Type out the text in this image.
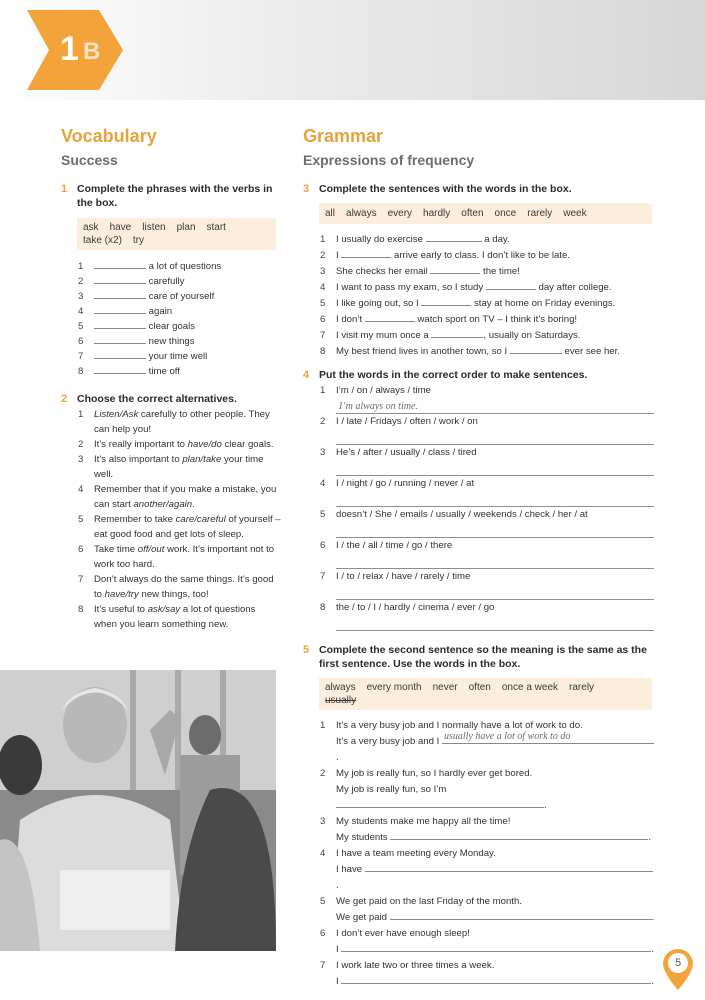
1 B
Vocabulary
Success
1 Complete the phrases with the verbs in the box.
ask have listen plan start
take (x2) try
1	a lot of questions
2	carefully
3	care of yourself
4	again
5	clear goals
6	new things
7	your time well
8	time off
2 Choose the correct alternatives.
1 Listen/Ask carefully to other people. They can help you!
2 It’s really important to have/do clear goals.
3 It’s also important to plan/take your time well.
4 Remember that if you make a mistake, you can start another/again.
5 Remember to take care/careful of yourself – eat good food and get lots of sleep.
6 Take time off/out work. It’s important not to work too hard.
7 Don’t always do the same things. It’s good to have/try new things, too!
8 It’s useful to ask/say a lot of questions when you learn something new.
Grammar
Expressions of frequency
3 Complete the sentences with the words in the box.
all always every hardly often once rarely week
1 I usually do exercise	a day.
2 I	arrive early to class. I don’t like to be late.
3 She checks her email	the time!
4 I want to pass my exam, so I study	day after college.
5 I like going out, so I	stay at home on Friday evenings.
6 I don’t	watch sport on TV – I think it’s boring!
7 I visit my mum once a	, usually on Saturdays.
8 My best friend lives in another town, so I	ever see her.
4 Put the words in the correct order to make sentences.
1 I’m / on / always / time
I’m always on time.
2 I / late / Fridays / often / work / on
3 He’s / after / usually / class / tired
4 I / night / go / running / never / at
5 doesn’t / She / emails / usually / weekends / check / her / at
6 I / the / all / time / go / there
7 I / to / relax / have / rarely / time
8 the / to / I / hardly / cinema / ever / go
5 Complete the second sentence so the meaning is the same as the first sentence. Use the words in the box.
always every month never often once a week rarely
usually
1 It’s a very busy job and I normally have a lot of work to do.
It’s a very busy job and I usually have a lot of work to do
.
2 My job is really fun, so I hardly ever get bored.
My job is really fun, so I’m .
3 My students make me happy all the time!
My students	.
4 I have a team meeting every Monday.
I have .
5 We get paid on the last Friday of the month.
We get paid	.
6 I don’t ever have enough sleep!
I	.
7 I work late two or three times a week.
I	.
5
